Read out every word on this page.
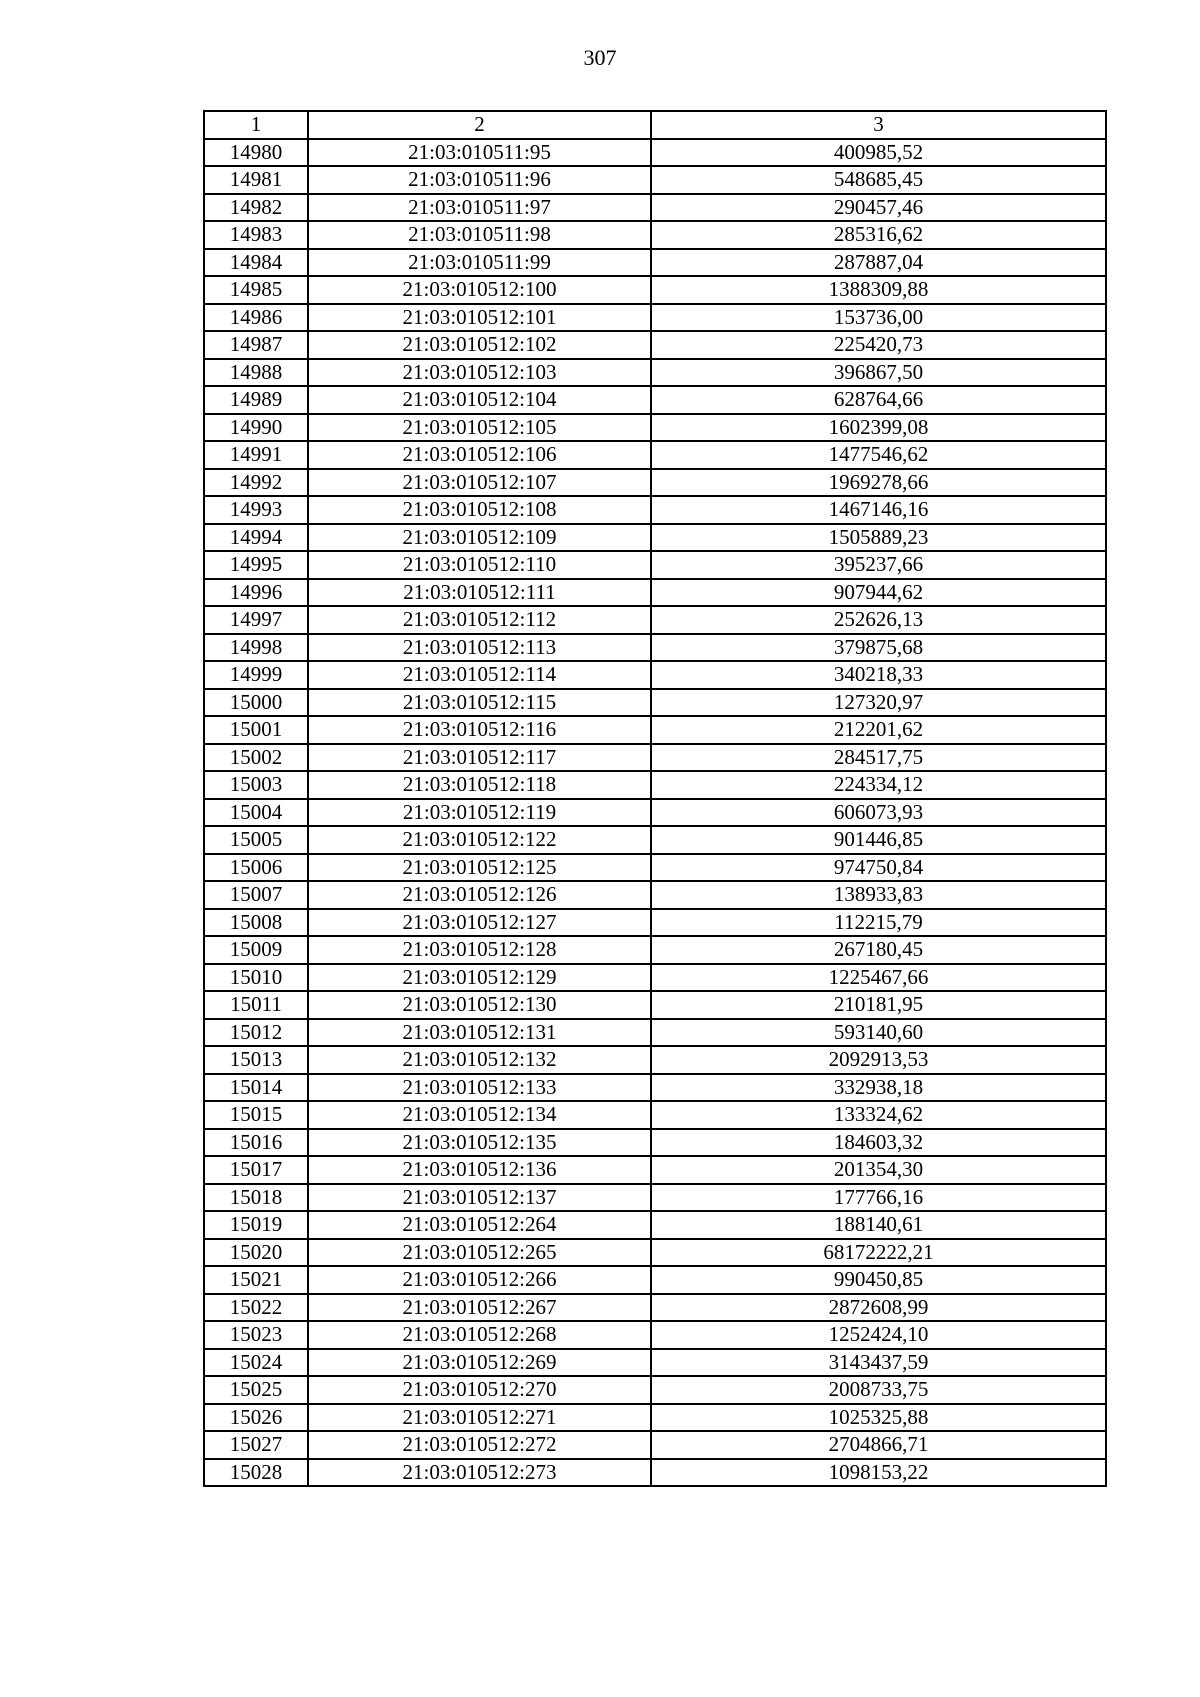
307
1	2	3
14980	21:03:010511:95	400985,52
14981	21:03:010511:96	548685,45
14982	21:03:010511:97	290457,46
14983	21:03:010511:98	285316,62
14984	21:03:010511:99	287887,04
14985	21:03:010512:100	1388309,88
14986	21:03:010512:101	153736,00
14987	21:03:010512:102	225420,73
14988	21:03:010512:103	396867,50
14989	21:03:010512:104	628764,66
14990	21:03:010512:105	1602399,08
14991	21:03:010512:106	1477546,62
14992	21:03:010512:107	1969278,66
14993	21:03:010512:108	1467146,16
14994	21:03:010512:109	1505889,23
14995	21:03:010512:110	395237,66
14996	21:03:010512:111	907944,62
14997	21:03:010512:112	252626,13
14998	21:03:010512:113	379875,68
14999	21:03:010512:114	340218,33
15000	21:03:010512:115	127320,97
15001	21:03:010512:116	212201,62
15002	21:03:010512:117	284517,75
15003	21:03:010512:118	224334,12
15004	21:03:010512:119	606073,93
15005	21:03:010512:122	901446,85
15006	21:03:010512:125	974750,84
15007	21:03:010512:126	138933,83
15008	21:03:010512:127	112215,79
15009	21:03:010512:128	267180,45
15010	21:03:010512:129	1225467,66
15011	21:03:010512:130	210181,95
15012	21:03:010512:131	593140,60
15013	21:03:010512:132	2092913,53
15014	21:03:010512:133	332938,18
15015	21:03:010512:134	133324,62
15016	21:03:010512:135	184603,32
15017	21:03:010512:136	201354,30
15018	21:03:010512:137	177766,16
15019	21:03:010512:264	188140,61
15020	21:03:010512:265	68172222,21
15021	21:03:010512:266	990450,85
15022	21:03:010512:267	2872608,99
15023	21:03:010512:268	1252424,10
15024	21:03:010512:269	3143437,59
15025	21:03:010512:270	2008733,75
15026	21:03:010512:271	1025325,88
15027	21:03:010512:272	2704866,71
15028	21:03:010512:273	1098153,22
